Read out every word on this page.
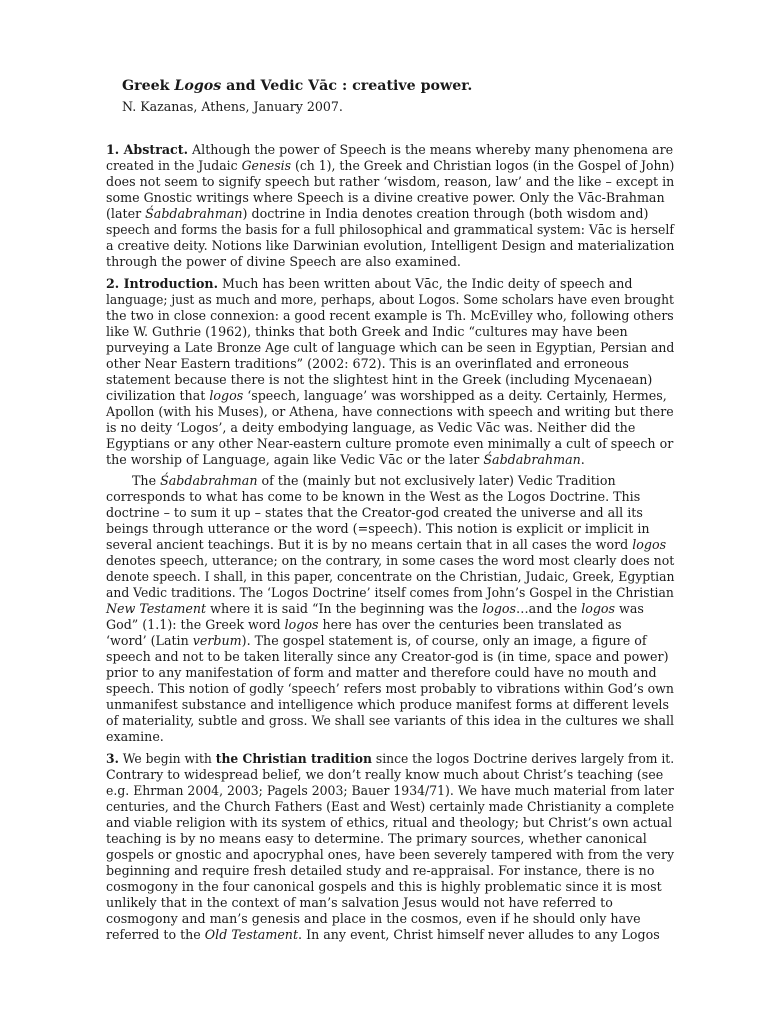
Greek Logos and Vedic Vāc : creative power.
N. Kazanas, Athens, January 2007.
1. Abstract. Although the power of Speech is the means whereby many phenomena are
created in the Judaic Genesis (ch 1), the Greek and Christian logos (in the Gospel of John)
does not seem to signify speech but rather ‘wisdom, reason, law’ and the like – except in
some Gnostic writings where Speech is a divine creative power. Only the Vāc-Brahman
(later Śabdabrahman) doctrine in India denotes creation through (both wisdom and)
speech and forms the basis for a full philosophical and grammatical system: Vāc is herself
a creative deity. Notions like Darwinian evolution, Intelligent Design and materialization
through the power of divine Speech are also examined.
2. Introduction. Much has been written about Vāc, the Indic deity of speech and
language; just as much and more, perhaps, about Logos. Some scholars have even brought
the two in close connexion: a good recent example is Th. McEvilley who, following others
like W. Guthrie (1962), thinks that both Greek and Indic “cultures may have been
purveying a Late Bronze Age cult of language which can be seen in Egyptian, Persian and
other Near Eastern traditions” (2002: 672). This is an overinflated and erroneous
statement because there is not the slightest hint in the Greek (including Mycenaean)
civilization that logos ‘speech, language’ was worshipped as a deity. Certainly, Hermes,
Apollon (with his Muses), or Athena, have connections with speech and writing but there
is no deity ‘Logos’, a deity embodying language, as Vedic Vāc was. Neither did the
Egyptians or any other Near-eastern culture promote even minimally a cult of speech or
the worship of Language, again like Vedic Vāc or the later Śabdabrahman.
The Śabdabrahman of the (mainly but not exclusively later) Vedic Tradition
corresponds to what has come to be known in the West as the Logos Doctrine. This
doctrine – to sum it up – states that the Creator-god created the universe and all its
beings through utterance or the word (=speech). This notion is explicit or implicit in
several ancient teachings. But it is by no means certain that in all cases the word logos
denotes speech, utterance; on the contrary, in some cases the word most clearly does not
denote speech. I shall, in this paper, concentrate on the Christian, Judaic, Greek, Egyptian
and Vedic traditions. The ‘Logos Doctrine’ itself comes from John’s Gospel in the Christian
New Testament where it is said “In the beginning was the logos…and the logos was
God” (1.1): the Greek word logos here has over the centuries been translated as
‘word’ (Latin verbum). The gospel statement is, of course, only an image, a figure of
speech and not to be taken literally since any Creator-god is (in time, space and power)
prior to any manifestation of form and matter and therefore could have no mouth and
speech. This notion of godly ‘speech’ refers most probably to vibrations within God’s own
unmanifest substance and intelligence which produce manifest forms at different levels
of materiality, subtle and gross. We shall see variants of this idea in the cultures we shall
examine.
3. We begin with the Christian tradition since the logos Doctrine derives largely from it.
Contrary to widespread belief, we don’t really know much about Christ’s teaching (see
e.g. Ehrman 2004, 2003; Pagels 2003; Bauer 1934/71). We have much material from later
centuries, and the Church Fathers (East and West) certainly made Christianity a complete
and viable religion with its system of ethics, ritual and theology; but Christ’s own actual
teaching is by no means easy to determine. The primary sources, whether canonical
gospels or gnostic and apocryphal ones, have been severely tampered with from the very
beginning and require fresh detailed study and re-appraisal. For instance, there is no
cosmogony in the four canonical gospels and this is highly problematic since it is most
unlikely that in the context of man’s salvation Jesus would not have referred to
cosmogony and man’s genesis and place in the cosmos, even if he should only have
referred to the Old Testament. In any event, Christ himself never alludes to any Logos
